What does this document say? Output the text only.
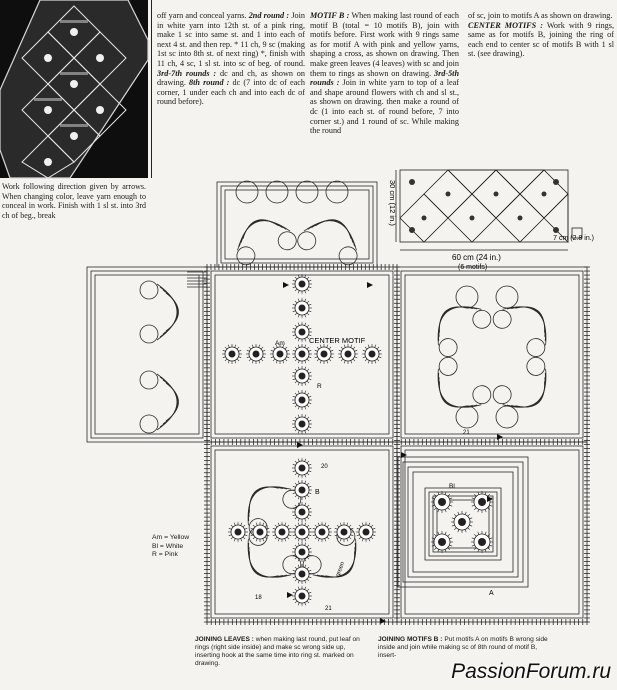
Work following direction given by arrows. When changing color, leave yarn enough to conceal in work. Finish with 1 sl st. into 3rd ch of beg., break

off yarn and conceal yarns. 2nd round : Join in white yarn into 12th st. of a pink ring, make 1 sc into same st. and 1 into each of next 4 st. and then rep. * 11 ch, 9 sc (making 1st sc into 8th st. of next ring) *, finish with 11 ch, 4 sc, 1 sl st. into sc of beg. of round. 3rd-7th rounds : dc and ch, as shown on drawing. 8th round : dc (7 into dc of each corner, 1 under each ch and into each dc of round before).

MOTIF B : When making last round of each motif B (total = 10 motifs B), join with motifs before. First work with 9 rings same as for motif A with pink and yellow yarns, shaping a cross, as shown on drawing. Then make green leaves (4 leaves) with sc and join them to rings as shown on drawing. 3rd-5th rounds : Join in white yarn to top of a leaf and shape around flowers with ch and sl st., as shown on drawing. then make a round of dc (1 into each st. of round before, 7 into corner st.) and 1 round of sc. While making the round

of sc, join to motifs A as shown on drawing.

CENTER MOTIFS : Work with 9 rings, same as for motifs B, joining the ring of each end to center sc of motifs B with 1 sl st. (see drawing).

60 cm (24 in.)
(6 motifs)
30 cm (12 in.)
7 cm (2.8 in.)
CENTER MOTIF
Am
R
B
Bl
A
green
20
21
21
18
Am = Yellow
Bl = White
R = Pink
JOINING LEAVES : when making last round, put leaf on rings (right side inside) and make sc wrong side up, inserting hook at the same time into ring st. marked on drawing.
JOINING MOTIFS B : Put motifs A on motifs B wrong side inside and join while making sc of 8th round of motif B, insert-
PassionForum.ru
